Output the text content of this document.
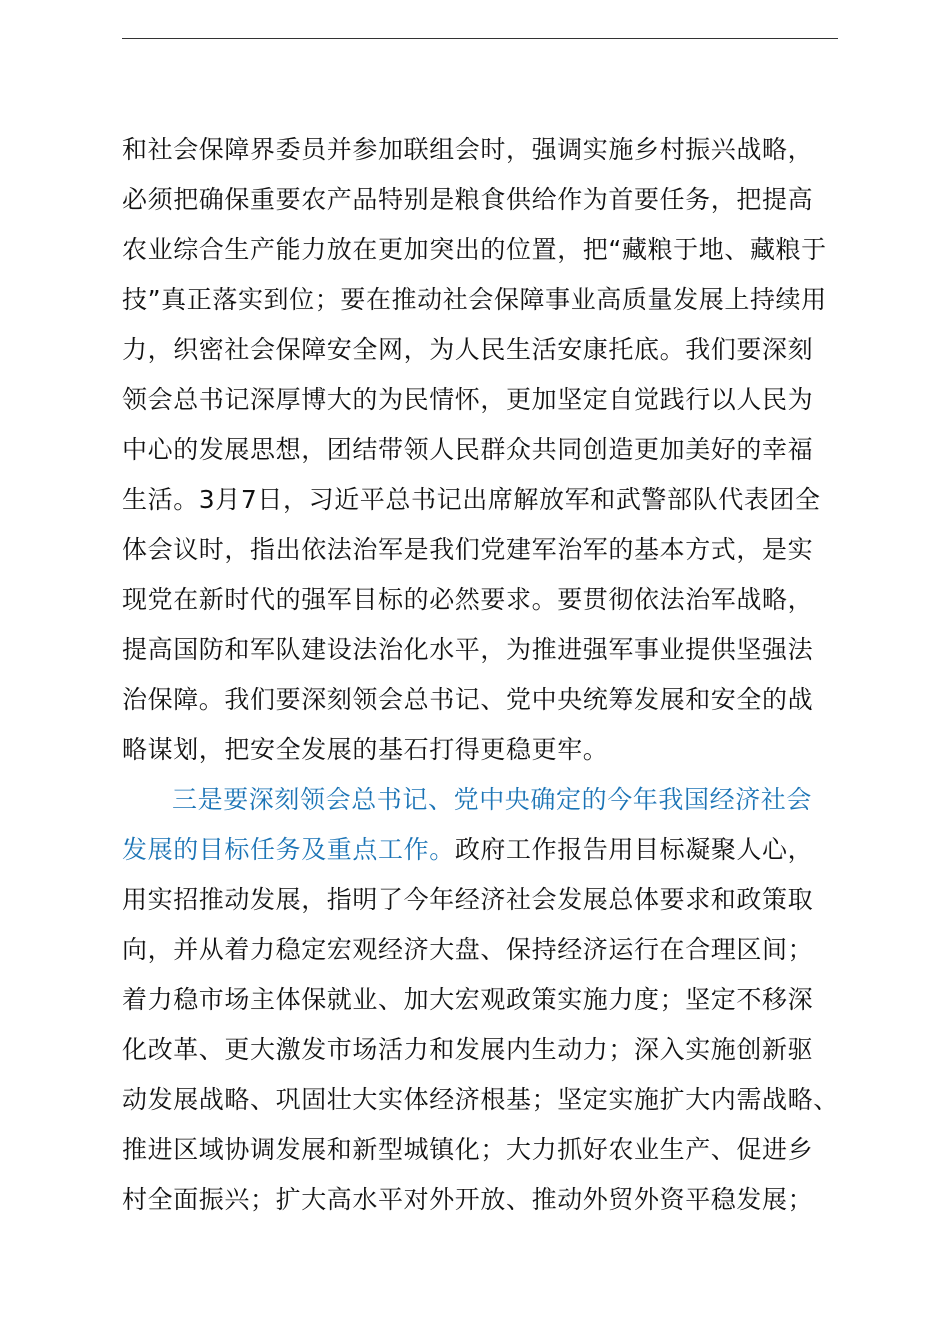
和社会保障界委员并参加联组会时，强调实施乡村振兴战略，
必须把确保重要农产品特别是粮食供给作为首要任务，把提高
农业综合生产能力放在更加突出的位置，把“藏粮于地、藏粮于
技”真正落实到位；要在推动社会保障事业高质量发展上持续用
力，织密社会保障安全网，为人民生活安康托底。我们要深刻
领会总书记深厚博大的为民情怀，更加坚定自觉践行以人民为
中心的发展思想，团结带领人民群众共同创造更加美好的幸福
生活。3月7日，习近平总书记出席解放军和武警部队代表团全
体会议时，指出依法治军是我们党建军治军的基本方式，是实
现党在新时代的强军目标的必然要求。要贯彻依法治军战略，
提高国防和军队建设法治化水平，为推进强军事业提供坚强法
治保障。我们要深刻领会总书记、党中央统筹发展和安全的战
略谋划，把安全发展的基石打得更稳更牢。
三是要深刻领会总书记、党中央确定的今年我国经济社会
发展的目标任务及重点工作。政府工作报告用目标凝聚人心，
用实招推动发展，指明了今年经济社会发展总体要求和政策取
向，并从着力稳定宏观经济大盘、保持经济运行在合理区间；
着力稳市场主体保就业、加大宏观政策实施力度；坚定不移深
化改革、更大激发市场活力和发展内生动力；深入实施创新驱
动发展战略、巩固壮大实体经济根基；坚定实施扩大内需战略、
推进区域协调发展和新型城镇化；大力抓好农业生产、促进乡
村全面振兴；扩大高水平对外开放、推动外贸外资平稳发展；
